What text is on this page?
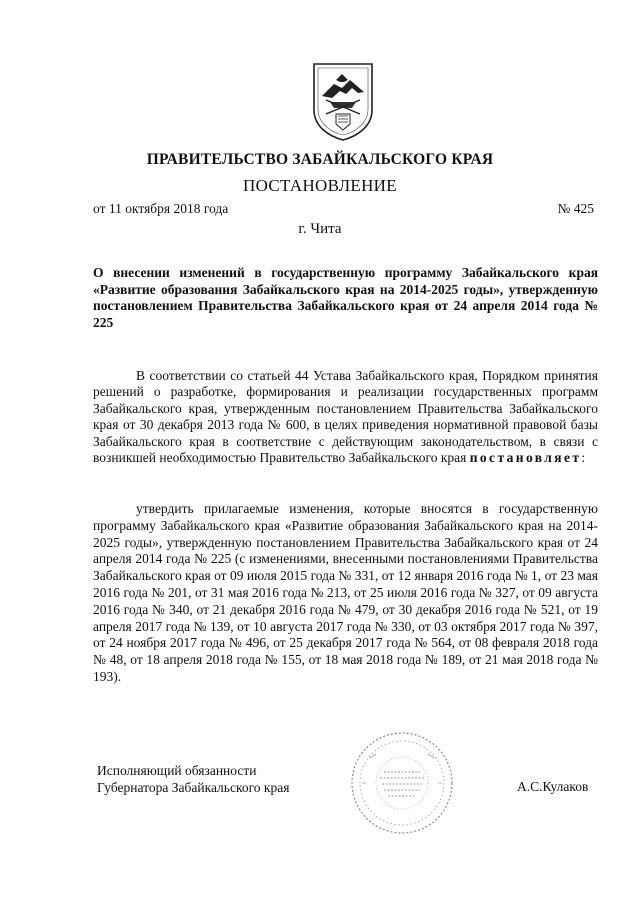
ПРАВИТЕЛЬСТВО ЗАБАЙКАЛЬСКОГО КРАЯ
ПОСТАНОВЛЕНИЕ
от 11 октября 2018 года	№ 425
г. Чита
О внесении изменений в государственную программу Забайкальского края «Развитие образования Забайкальского края на 2014-2025 годы», утвержденную постановлением Правительства Забайкальского края от 24 апреля 2014 года № 225
В соответствии со статьей 44 Устава Забайкальского края, Порядком принятия решений о разработке, формирования и реализации государственных программ Забайкальского края, утвержденным постановлением Правительства Забайкальского края от 30 декабря 2013 года № 600, в целях приведения нормативной правовой базы Забайкальского края в соответствие с действующим законодательством, в связи с возникшей необходимостью Правительство Забайкальского края постановляет:
утвердить прилагаемые изменения, которые вносятся в государственную программу Забайкальского края «Развитие образования Забайкальского края на 2014-2025 годы», утвержденную постановлением Правительства Забайкальского края от 24 апреля 2014 года № 225 (с изменениями, внесенными постановлениями Правительства Забайкальского края от 09 июля 2015 года № 331, от 12 января 2016 года № 1, от 23 мая 2016 года № 201, от 31 мая 2016 года № 213, от 25 июля 2016 года № 327, от 09 августа 2016 года № 340, от 21 декабря 2016 года № 479, от 30 декабря 2016 года № 521, от 19 апреля 2017 года № 139, от 10 августа 2017 года № 330, от 03 октября 2017 года № 397, от 24 ноября 2017 года № 496, от 25 декабря 2017 года № 564, от 08 февраля 2018 года № 48, от 18 апреля 2018 года № 155, от 18 мая 2018 года № 189, от 21 мая 2018 года № 193).
Исполняющий обязанности
Губернатора Забайкальского края	А.С.Кулаков
